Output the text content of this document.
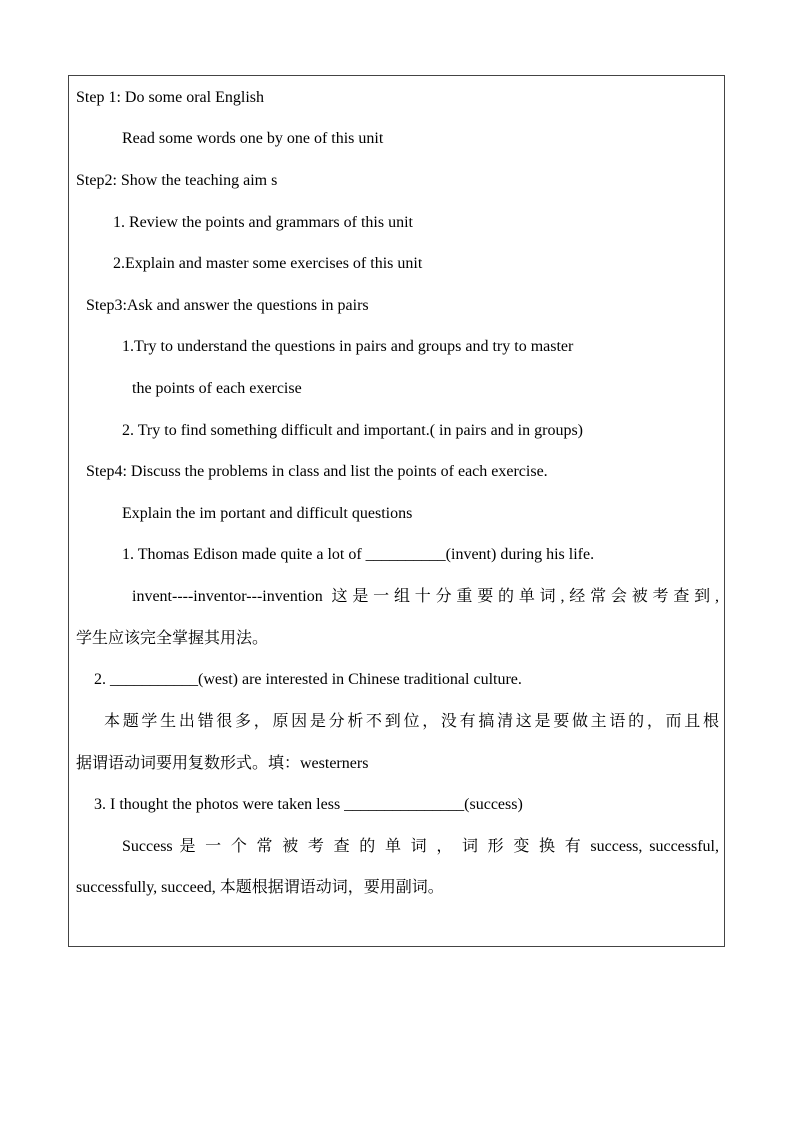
Step 1: Do some oral English
Read some words one by one of this unit
Step2: Show the teaching aim s
1. Review the points and grammars of this unit
2.Explain and master some exercises of this unit
Step3:Ask and answer the questions in pairs
1.Try to understand the questions in pairs and groups and try to master
the points of each exercise
2. Try to find something difficult and important.( in pairs and in groups)
Step4: Discuss the problems in class and list the points of each exercise.
Explain the im portant and difficult questions
1. Thomas Edison made quite a lot of __________(invent) during his life.
invent----inventor---invention 这是一组十分重要的单词,经常会被考查到,
学生应该完全掌握其用法。
2. ___________(west) are interested in Chinese traditional culture.
本题学生出错很多，原因是分析不到位，没有搞清这是要做主语的，而且根
据谓语动词要用复数形式。填：westerners
3. I thought the photos were taken less _______________(success)
Success 是 一 个 常 被 考 查 的 单 词 ， 词 形 变 换 有 success, successful,
successfully, succeed, 本题根据谓语动词，要用副词。
